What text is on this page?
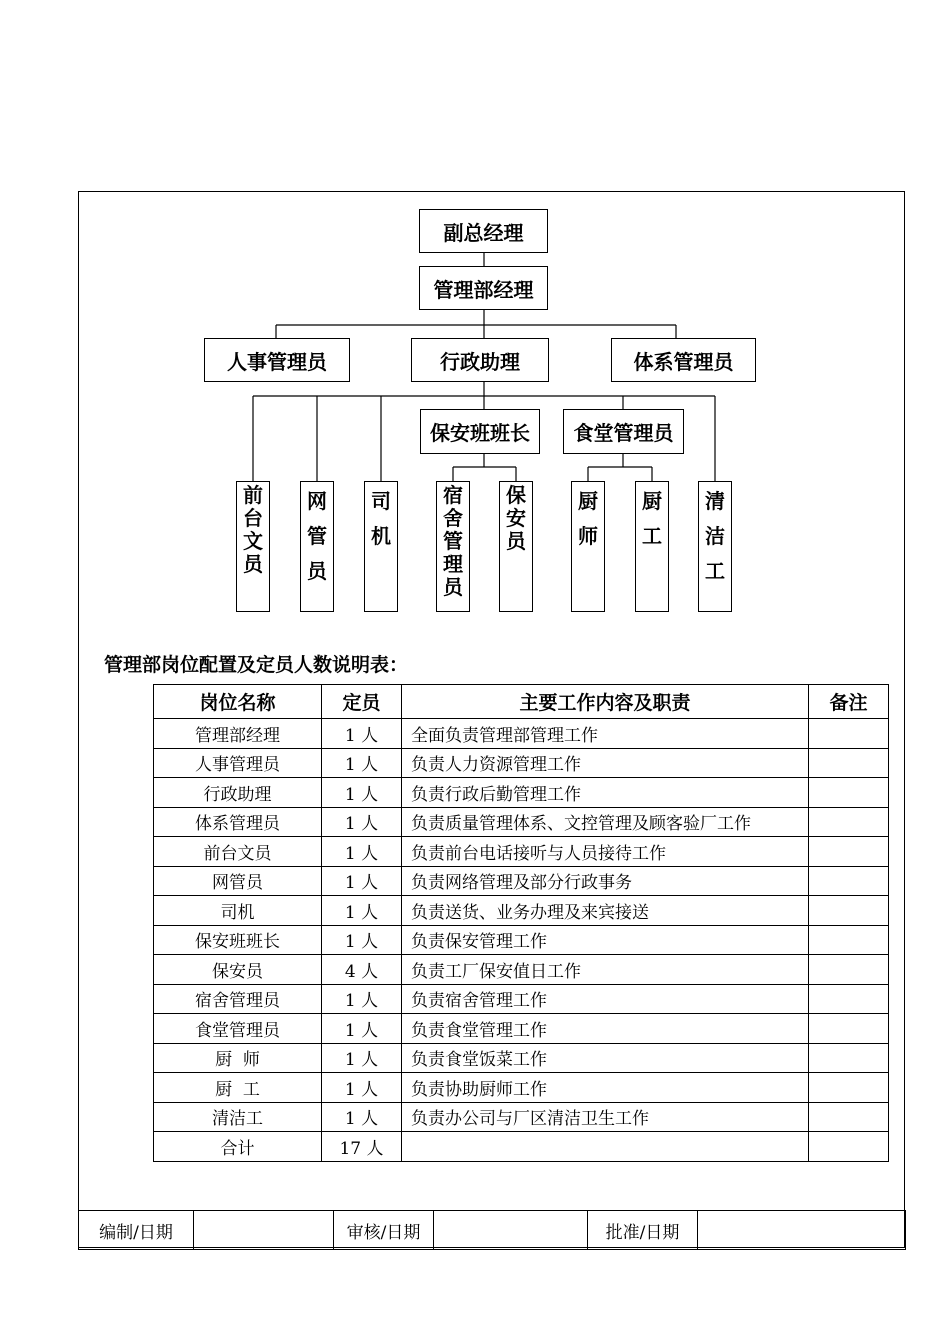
副总经理
管理部经理
人事管理员	行政助理	体系管理员
保安班班长	食堂管理员
前台文员
网管员
司机
宿舍管理员
保安员
厨师
厨工
清洁工
管理部岗位配置及定员人数说明表：
岗位名称	定员	主要工作内容及职责	备注
管理部经理	1 人	全面负责管理部管理工作	
人事管理员	1 人	负责人力资源管理工作	
行政助理	1 人	负责行政后勤管理工作	
体系管理员	1 人	负责质量管理体系、文控管理及顾客验厂工作	
前台文员	1 人	负责前台电话接听与人员接待工作	
网管员	1 人	负责网络管理及部分行政事务	
司机	1 人	负责送货、业务办理及来宾接送	
保安班班长	1 人	负责保安管理工作	
保安员	4 人	负责工厂保安值日工作	
宿舍管理员	1 人	负责宿舍管理工作	
食堂管理员	1 人	负责食堂管理工作	
厨  师	1 人	负责食堂饭菜工作	
厨  工	1 人	负责协助厨师工作	
清洁工	1 人	负责办公司与厂区清洁卫生工作	
合计	17 人		
编制/日期		审核/日期		批准/日期	
